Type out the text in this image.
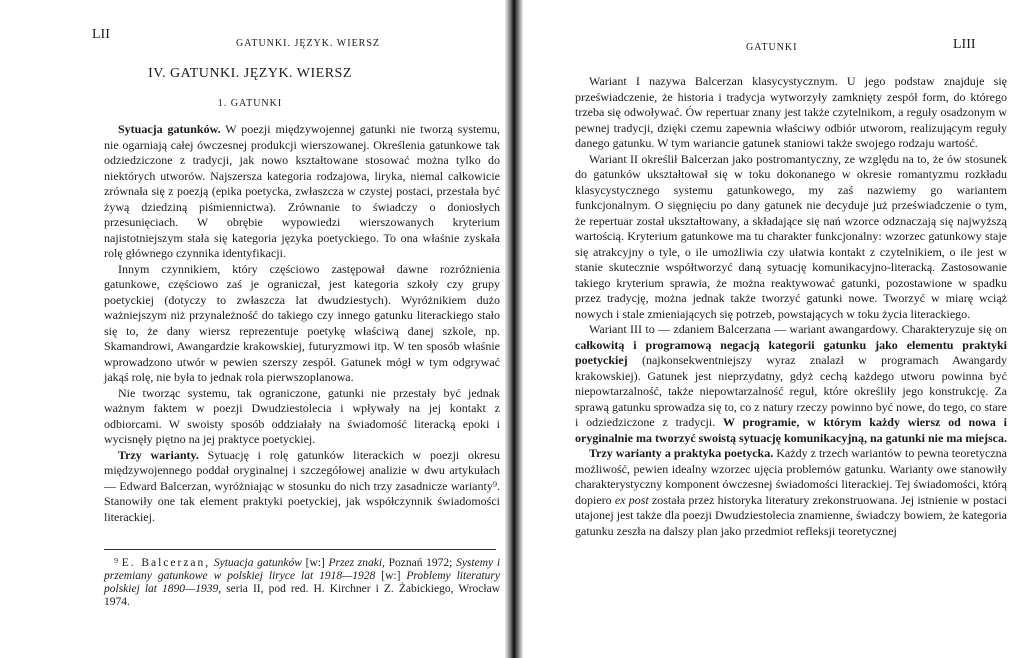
LII
GATUNKI. JĘZYK. WIERSZ
IV. GATUNKI. JĘZYK. WIERSZ
1. GATUNKI

Sytuacja gatunków. W poezji międzywojennej gatunki nie tworzą systemu, nie ogarniają całej ówczesnej produkcji wierszowanej. Określenia gatunkowe tak odziedziczone z tradycji, jak nowo kształtowane stosować można tylko do niektórych utworów. Najszersza kategoria rodzajowa, liryka, niemal całkowicie zrównała się z poezją (epika poetycka, zwłaszcza w czystej postaci, przestała być żywą dziedziną piśmiennictwa). Zrównanie to świadczy o doniosłych przesunięciach. W obrębie wypowiedzi wierszowanych kryterium najistotniejszym stała się kategoria języka poetyckiego. To ona właśnie zyskała rolę głównego czynnika identyfikacji.

Innym czynnikiem, który częściowo zastępował dawne rozróżnienia gatunkowe, częściowo zaś je ograniczał, jest kategoria szkoły czy grupy poetyckiej (dotyczy to zwłaszcza lat dwudziestych). Wyróżnikiem dużo ważniejszym niż przynależność do takiego czy innego gatunku literackiego stało się to, że dany wiersz reprezentuje poetykę właściwą danej szkole, np. Skamandrowi, Awangardzie krakowskiej, futuryzmowi itp. W ten sposób właśnie wprowadzono utwór w pewien szerszy zespół. Gatunek mógł w tym odgrywać jakąś rolę, nie była to jednak rola pierwszoplanowa.

Nie tworząc systemu, tak ograniczone, gatunki nie przestały być jednak ważnym faktem w poezji Dwudziestolecia i wpływały na jej kontakt z odbiorcami. W swoisty sposób oddziałały na świadomość literacką epoki i wycisnęły piętno na jej praktyce poetyckiej.

Trzy warianty. Sytuację i rolę gatunków literackich w poezji okresu międzywojennego poddał oryginalnej i szczegółowej analizie w dwu artykułach — Edward Balcerzan, wyróżniając w stosunku do nich trzy zasadnicze warianty⁹. Stanowiły one tak element praktyki poetyckiej, jak współczynnik świadomości literackiej.

⁹ E. Balcerzan, Sytuacja gatunków [w:] Przez znaki, Poznań 1972; Systemy i przemiany gatunkowe w polskiej liryce lat 1918—1928 [w:] Problemy literatury polskiej lat 1890—1939, seria II, pod red. H. Kirchner i Z. Żabickiego, Wrocław 1974.

GATUNKI	LIII

Wariant I nazywa Balcerzan klasycystycznym. U jego podstaw znajduje się przeświadczenie, że historia i tradycja wytworzyły zamknięty zespół form, do którego trzeba się odwoływać. Ów repertuar znany jest także czytelnikom, a reguły osadzonym w pewnej tradycji, dzięki czemu zapewnia właściwy odbiór utworom, realizującym reguły danego gatunku. W tym wariancie gatunek staniowi także swojego rodzaju wartość.

Wariant II określił Balcerzan jako postromantyczny, ze względu na to, że ów stosunek do gatunków ukształtował się w toku dokonanego w okresie romantyzmu rozkładu klasycystycznego systemu gatunkowego, my zaś nazwiemy go wariantem funkcjonalnym. O sięgnięciu po dany gatunek nie decyduje już przeświadczenie o tym, że repertuar został ukształtowany, a składające się nań wzorce odznaczają się najwyższą wartością. Kryterium gatunkowe ma tu charakter funkcjonalny: wzorzec gatunkowy staje się atrakcyjny o tyle, o ile umożliwia czy ułatwia kontakt z czytelnikiem, o ile jest w stanie skutecznie współtworzyć daną sytuację komunikacyjno-literacką. Zastosowanie takiego kryterium sprawia, że można reaktywować gatunki, pozostawione w spadku przez tradycję, można jednak także tworzyć gatunki nowe. Tworzyć w miarę wciąż nowych i stale zmieniających się potrzeb, powstających w toku życia literackiego.

Wariant III to — zdaniem Balcerzana — wariant awangardowy. Charakteryzuje się on całkowitą i programową negacją kategorii gatunku jako elementu praktyki poetyckiej (najkonsekwentniejszy wyraz znalazł w programach Awangardy krakowskiej). Gatunek jest nieprzydatny, gdyż cechą każdego utworu powinna być niepowtarzalność, także niepowtarzalność reguł, które określiły jego konstrukcję. Za sprawą gatunku sprowadza się to, co z natury rzeczy powinno być nowe, do tego, co stare i odziedziczone z tradycji. W programie, w którym każdy wiersz od nowa i oryginalnie ma tworzyć swoistą sytuację komunikacyjną, na gatunki nie ma miejsca.

Trzy warianty a praktyka poetycka. Każdy z trzech wariantów to pewna teoretyczna możliwość, pewien idealny wzorzec ujęcia problemów gatunku. Warianty owe stanowiły charakterystyczny komponent ówczesnej świadomości literackiej. Tej świadomości, którą dopiero ex post została przez historyka literatury zrekonstruowana. Jej istnienie w postaci utajonej jest także dla poezji Dwudziestolecia znamienne, świadczy bowiem, że kategoria gatunku zeszła na dalszy plan jako przedmiot refleksji teoretycznej
